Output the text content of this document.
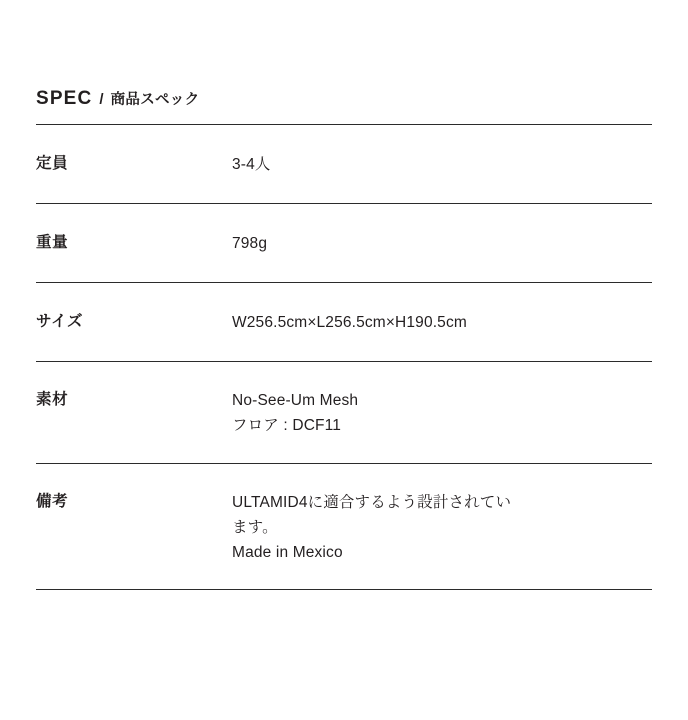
SPEC / 商品スペック
定員	3-4人

重量	798g

サイズ	W256.5cm×L256.5cm×H190.5cm

素材	No-See-Um Mesh
フロア : DCF11

備考	ULTAMID4に適合するよう設計されてい
ます。
Made in Mexico
